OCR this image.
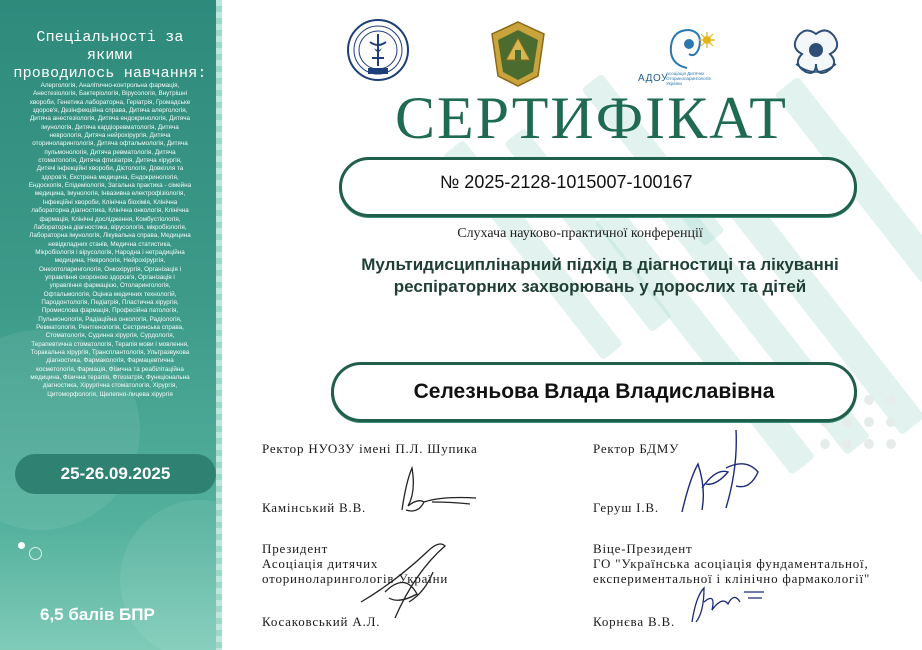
Спеціальності за якими
проводилось навчання:
Алергологія, Аналітично-контрольна фармація,
Анестезіологія, Бактеріологія, Вірусологія, Внутрішні
хвороби, Генетика лабораторна, Геріатрія, Громадське
здоров'я, Дезінфекційна справа, Дитяча алергологія,
Дитяча анестезіологія, Дитяча ендокринологія, Дитяча
імунологія, Дитяча кардіоревматологія, Дитяча
неврологія, Дитяча нейрохірургія, Дитяча
оториноларингологія, Дитяча офтальмологія, Дитяча
пульмонологія, Дитяча ревматологія, Дитяча
стоматологія, Дитяча фтизіатрія, Дитяча хірургія,
Дитячі інфекційні хвороби, Дієтологія, Довкілля та
здоров'я, Екстрена медицина, Ендокринологія,
Ендоскопія, Епідеміологія, Загальна практика - сімейна
медицина, Імунологія, Інвазивна електрофізіологія,
Інфекційні хвороби, Клінічна біохімія, Клінічна
лабораторна діагностика, Клінічна онкологія, Клінічна
фармація, Клінічні дослідження, Комбустіологія,
Лабораторна діагностика, вірусологія, мікробіологія,
Лабораторна імунологія, Лікувальна справа, Медицина
невідкладних станів, Медична статистика,
Мікробіологія і вірусологія, Народна і нетрадиційна
медицина, Неврологія, Нейрохірургія,
Онкоотоларингологія, Онкохірургія, Організація і
управління охороною здоров'я, Організація і
управління фармацією, Отоларингологія,
Офтальмологія, Оцінка медичних технологій,
Пародонтологія, Педіатрія, Пластична хірургія,
Промислова фармація, Професійна патологія,
Пульмонологія, Радіаційна онкологія, Радіологія,
Ревматологія, Рентгенологія, Сестринська справа,
Стоматологія, Судинна хірургія, Сурдологія,
Терапевтична стоматологія, Терапія мови і мовлення,
Торакальна хірургія, Трансплантологія, Ультразвукова
діагностика, Фармакологія, Фармацевтична
косметологія, Фармація, Фізична та реабілітаційна
медицина, Фізична терапія, Фтизіатрія, Функціональна
діагностика, Хірургічна стоматологія, Хірургія,
Цитоморфологія, Щелепно-лицева хірургія
25-26.09.2025
6,5 балів БПР
АДОУ
Асоціація Дитячих Оториноларингологів України
СЕРТИФІКАТ
№ 2025-2128-1015007-100167
Слухача науково-практичної конференції
Мультидисциплінарний підхід в діагностиці та лікуванні респіраторних захворювань у дорослих та дітей
Селезньова Влада Владиславівна
Ректор НУОЗУ імені П.Л. Шупика
Камінський В.В.
Ректор БДМУ
Геруш І.В.
Президент
Асоціація дитячих
оториноларингологів України
Косаковський А.Л.
Віце-Президент
ГО "Українська асоціація фундаментальної,
експериментальної і клінічно фармакології"
Корнєва В.В.
